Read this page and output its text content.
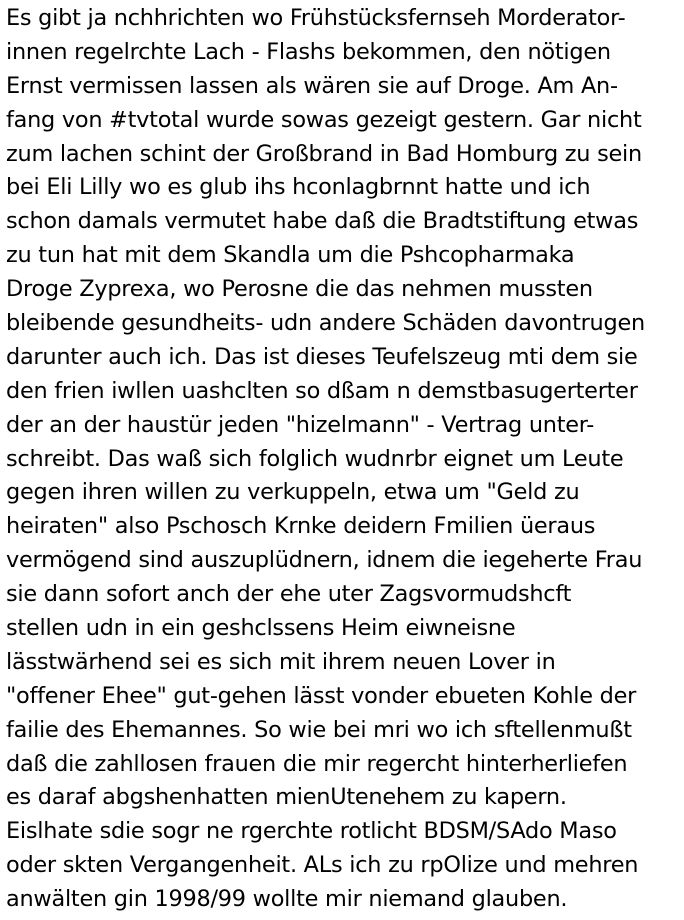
Es gibt ja nchhrichten wo Frühstücksfernseh Morderator-
innen regelrchte Lach - Flashs bekommen, den nötigen
Ernst vermissen lassen als wären sie auf Droge. Am An-
fang von #tvtotal wurde sowas gezeigt gestern. Gar nicht
zum lachen schint der Großbrand in Bad Homburg zu sein
bei Eli Lilly wo es glub ihs hconlagbrnnt hatte und ich
schon damals vermutet habe daß die Bradtstiftung etwas
zu tun hat mit dem Skandla um die Pshcopharmaka
Droge Zyprexa, wo Perosne die das nehmen mussten
bleibende gesundheits- udn andere Schäden davontrugen
darunter auch ich. Das ist dieses Teufelszeug mti dem sie
den frien iwllen uashclten so dßam n demstbasugerterter
der an der haustür jeden "hizelmann" - Vertrag unter-
schreibt. Das waß sich folglich wudnrbr eignet um Leute
gegen ihren willen zu verkuppeln, etwa um "Geld zu
heiraten" also Pschosch Krnke deidern Fmilien üeraus
vermögend sind auszuplüdnern, idnem die iegeherte Frau
sie dann sofort anch der ehe uter Zagsvormudshcft
stellen udn in ein geshclssens Heim eiwneisne
lässtwärhend sei es sich mit ihrem neuen Lover in
"offener Ehee" gut-gehen lässt vonder ebueten Kohle der
failie des Ehemannes. So wie bei mri wo ich sftellenmußt
daß die zahllosen frauen die mir regercht hinterherliefen
es daraf abgshenhatten mienUtenehem zu kapern.
Eislhate sdie sogr ne rgerchte rotlicht BDSM/SAdo Maso
oder skten Vergangenheit. ALs ich zu rpOlize und mehren
anwälten gin 1998/99 wollte mir niemand glauben.
